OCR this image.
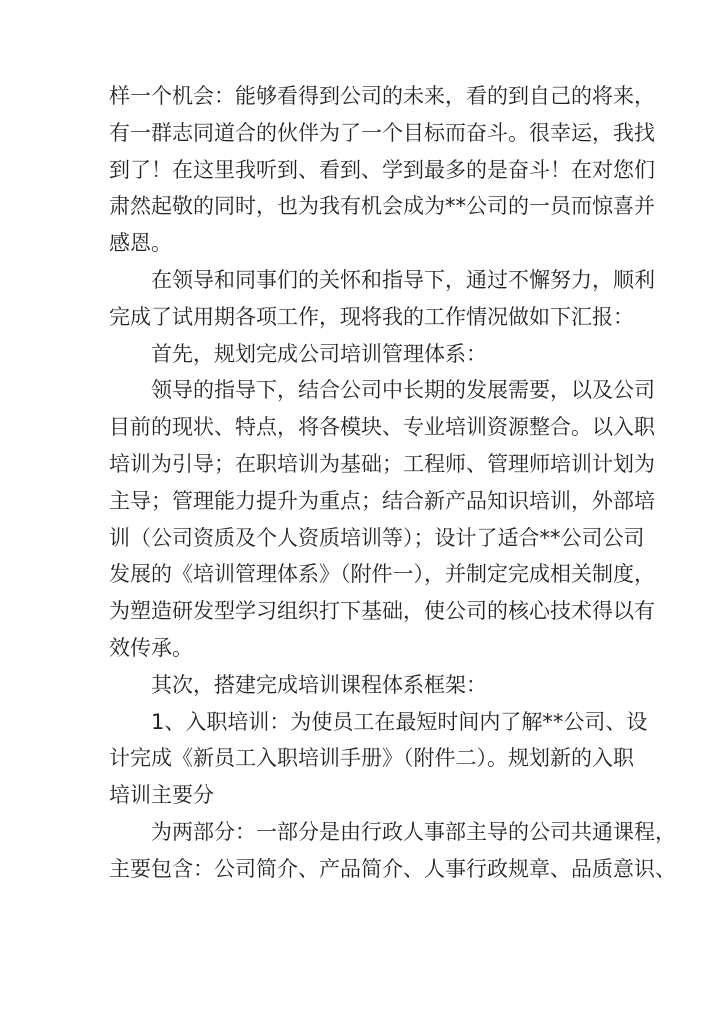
样一个机会：能够看得到公司的未来，看的到自己的将来，
有一群志同道合的伙伴为了一个目标而奋斗。很幸运，我找
到了！在这里我听到、看到、学到最多的是奋斗！在对您们
肃然起敬的同时，也为我有机会成为**公司的一员而惊喜并
感恩。
在领导和同事们的关怀和指导下，通过不懈努力，顺利
完成了试用期各项工作，现将我的工作情况做如下汇报：
首先，规划完成公司培训管理体系：
领导的指导下，结合公司中长期的发展需要，以及公司
目前的现状、特点，将各模块、专业培训资源整合。以入职
培训为引导；在职培训为基础；工程师、管理师培训计划为
主导；管理能力提升为重点；结合新产品知识培训，外部培
训（公司资质及个人资质培训等）；设计了适合**公司公司
发展的《培训管理体系》（附件一），并制定完成相关制度，
为塑造研发型学习组织打下基础，使公司的核心技术得以有
效传承。
其次，搭建完成培训课程体系框架：
1、入职培训：为使员工在最短时间内了解**公司、设
计完成《新员工入职培训手册》（附件二）。规划新的入职
培训主要分
为两部分：一部分是由行政人事部主导的公司共通课程，
主要包含：公司简介、产品简介、人事行政规章、品质意识、
